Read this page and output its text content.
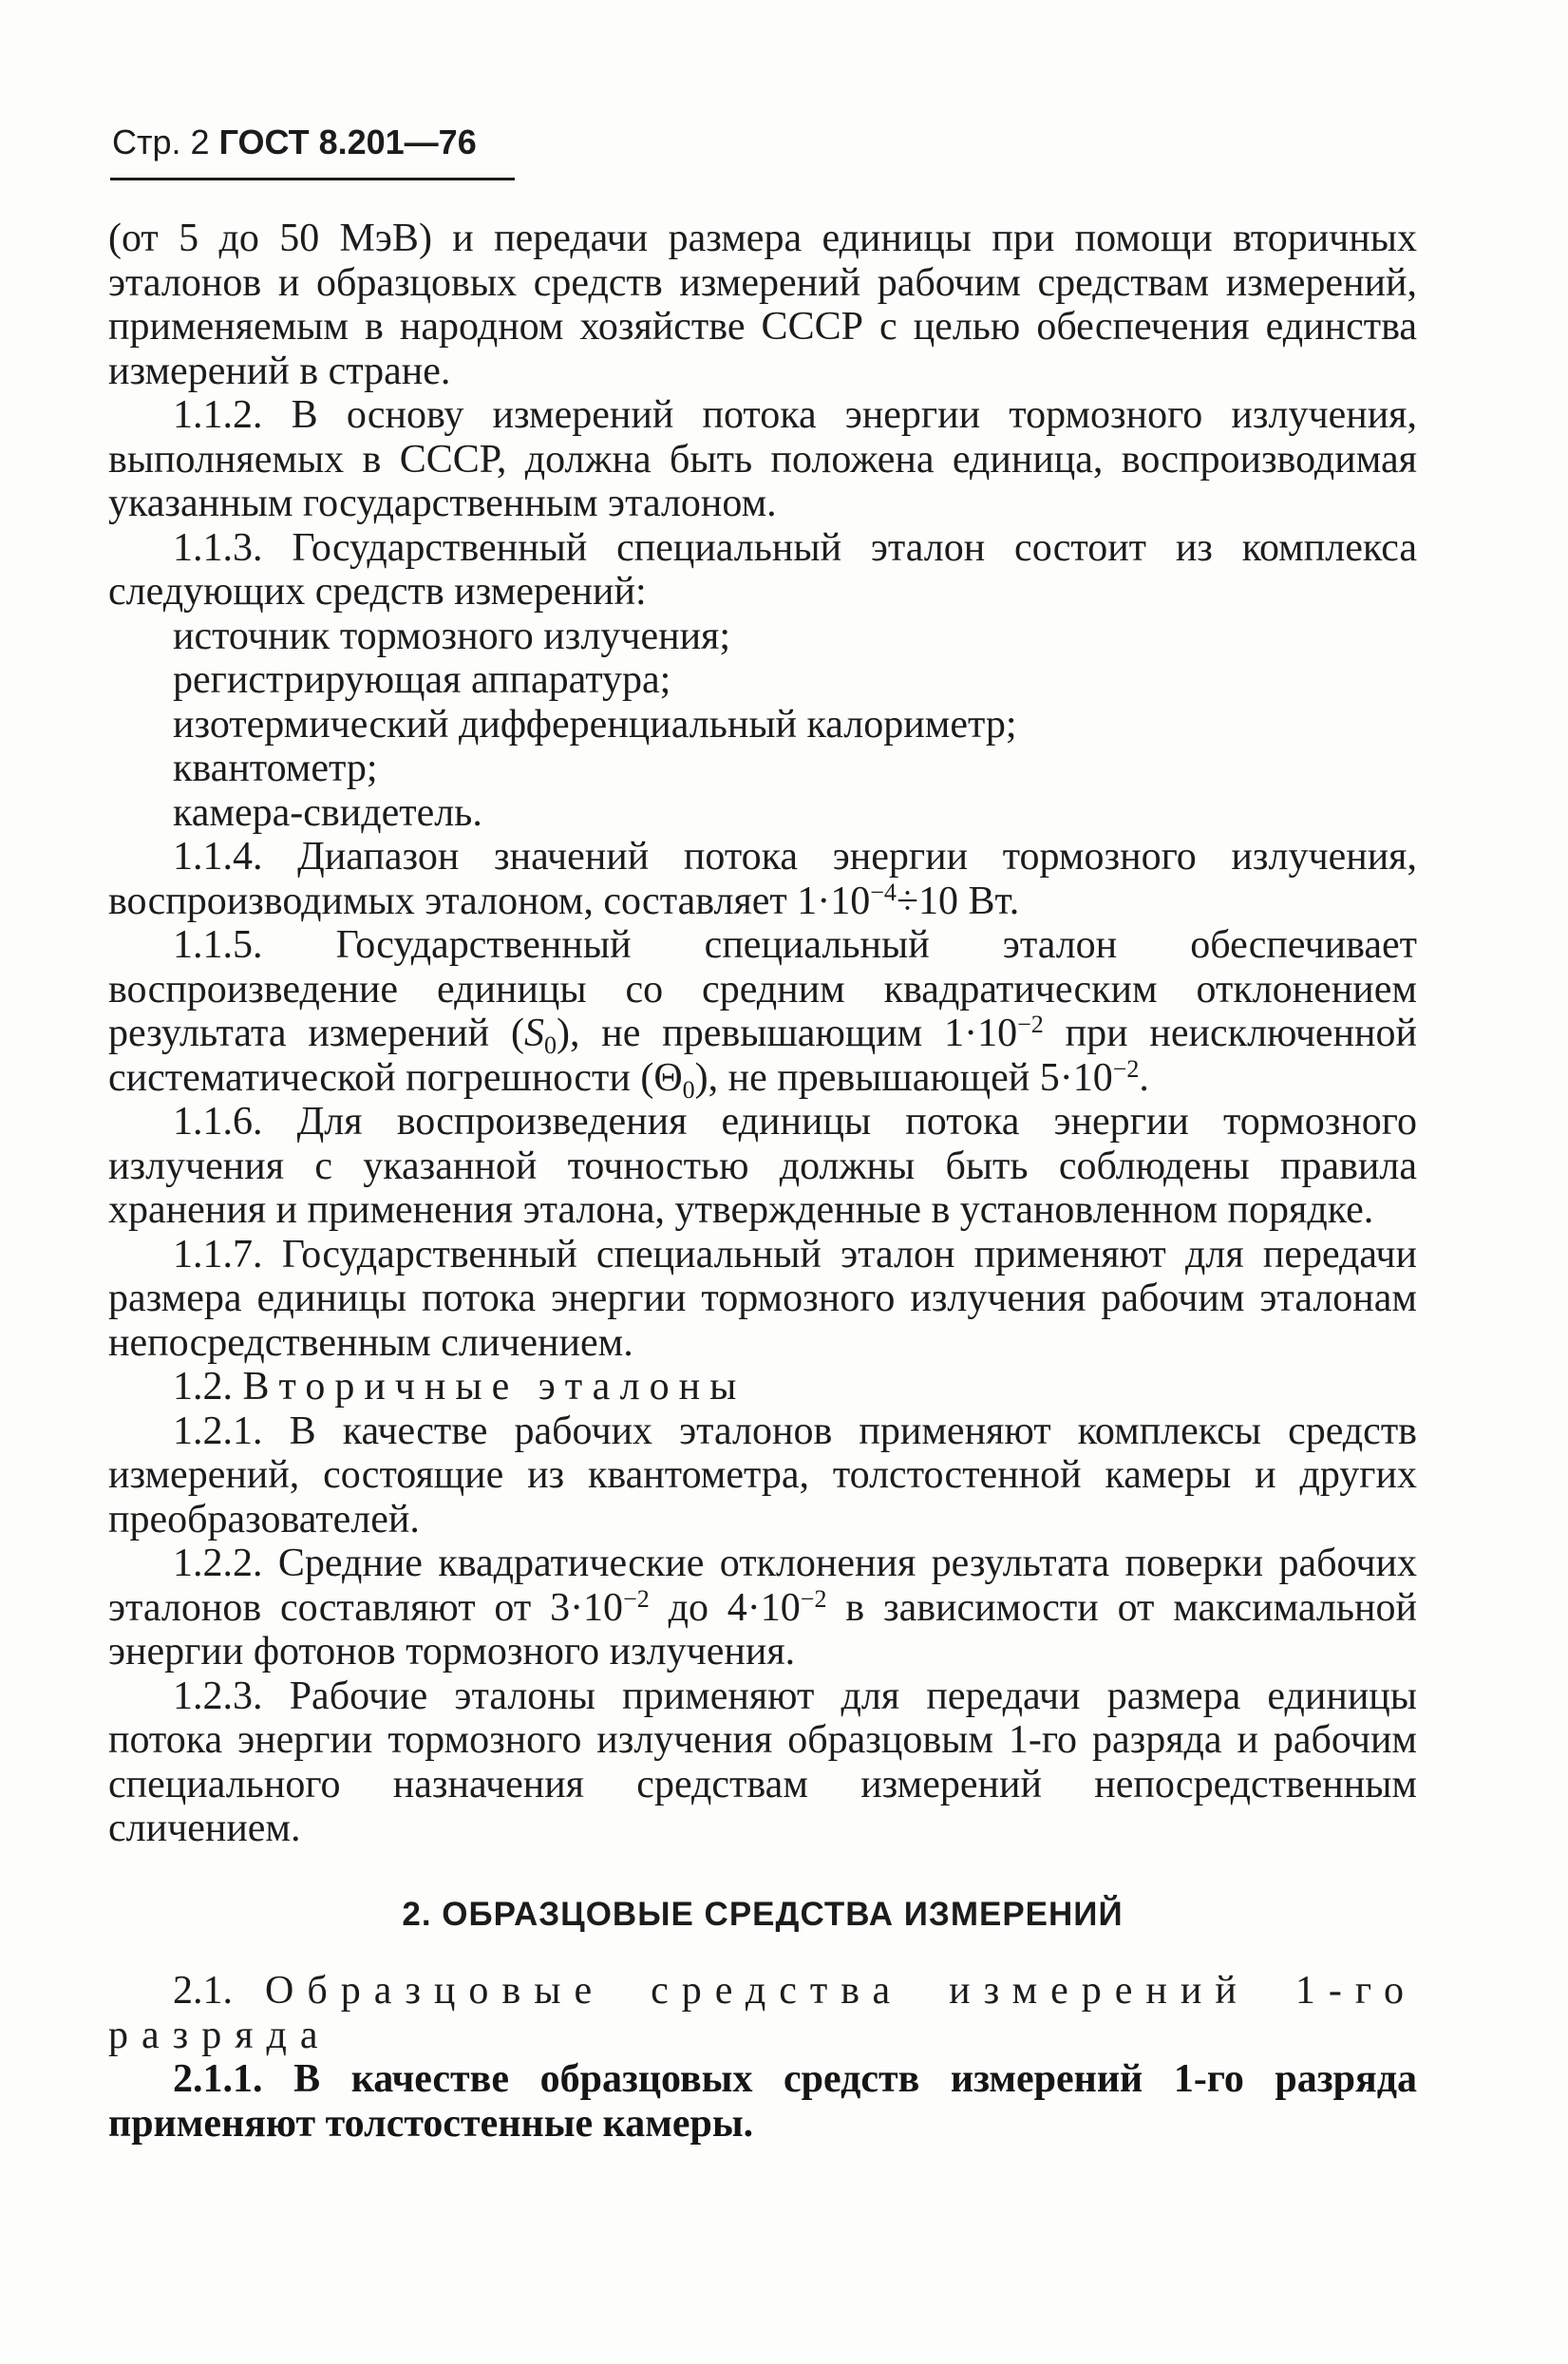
Стр. 2 ГОСТ 8.201—76

(от 5 до 50 МэВ) и передачи размера единицы при помощи вторичных эталонов и образцовых средств измерений рабочим средствам измерений, применяемым в народном хозяйстве СССР с целью обеспечения единства измерений в стране.

1.1.2. В основу измерений потока энергии тормозного излучения, выполняемых в СССР, должна быть положена единица, воспроизводимая указанным государственным эталоном.

1.1.3. Государственный специальный эталон состоит из комплекса следующих средств измерений:

источник тормозного излучения;

регистрирующая аппаратура;

изотермический дифференциальный калориметр;

квантометр;

камера-свидетель.

1.1.4. Диапазон значений потока энергии тормозного излучения, воспроизводимых эталоном, составляет $1\cdot 10^{-4}\div 10$ Вт.

1.1.5. Государственный специальный эталон обеспечивает воспроизведение единицы со средним квадратическим отклонением результата измерений $(S_0)$, не превышающим $1\cdot 10^{-2}$ при неисключенной систематической погрешности $(\Theta_0)$, не превышающей $5\cdot 10^{-2}$.

1.1.6. Для воспроизведения единицы потока энергии тормозного излучения с указанной точностью должны быть соблюдены правила хранения и применения эталона, утвержденные в установленном порядке.

1.1.7. Государственный специальный эталон применяют для передачи размера единицы потока энергии тормозного излучения рабочим эталонам непосредственным сличением.

1.2. Вторичные эталоны

1.2.1. В качестве рабочих эталонов применяют комплексы средств измерений, состоящие из квантометра, толстостенной камеры и других преобразователей.

1.2.2. Средние квадратические отклонения результата поверки рабочих эталонов составляют от $3\cdot 10^{-2}$ до $4\cdot 10^{-2}$ в зависимости от максимальной энергии фотонов тормозного излучения.

1.2.3. Рабочие эталоны применяют для передачи размера единицы потока энергии тормозного излучения образцовым 1-го разряда и рабочим специального назначения средствам измерений непосредственным сличением.

2. ОБРАЗЦОВЫЕ СРЕДСТВА ИЗМЕРЕНИЙ

2.1. Образцовые средства измерений 1-го разряда

2.1.1. В качестве образцовых средств измерений 1-го разряда применяют толстостенные камеры.
